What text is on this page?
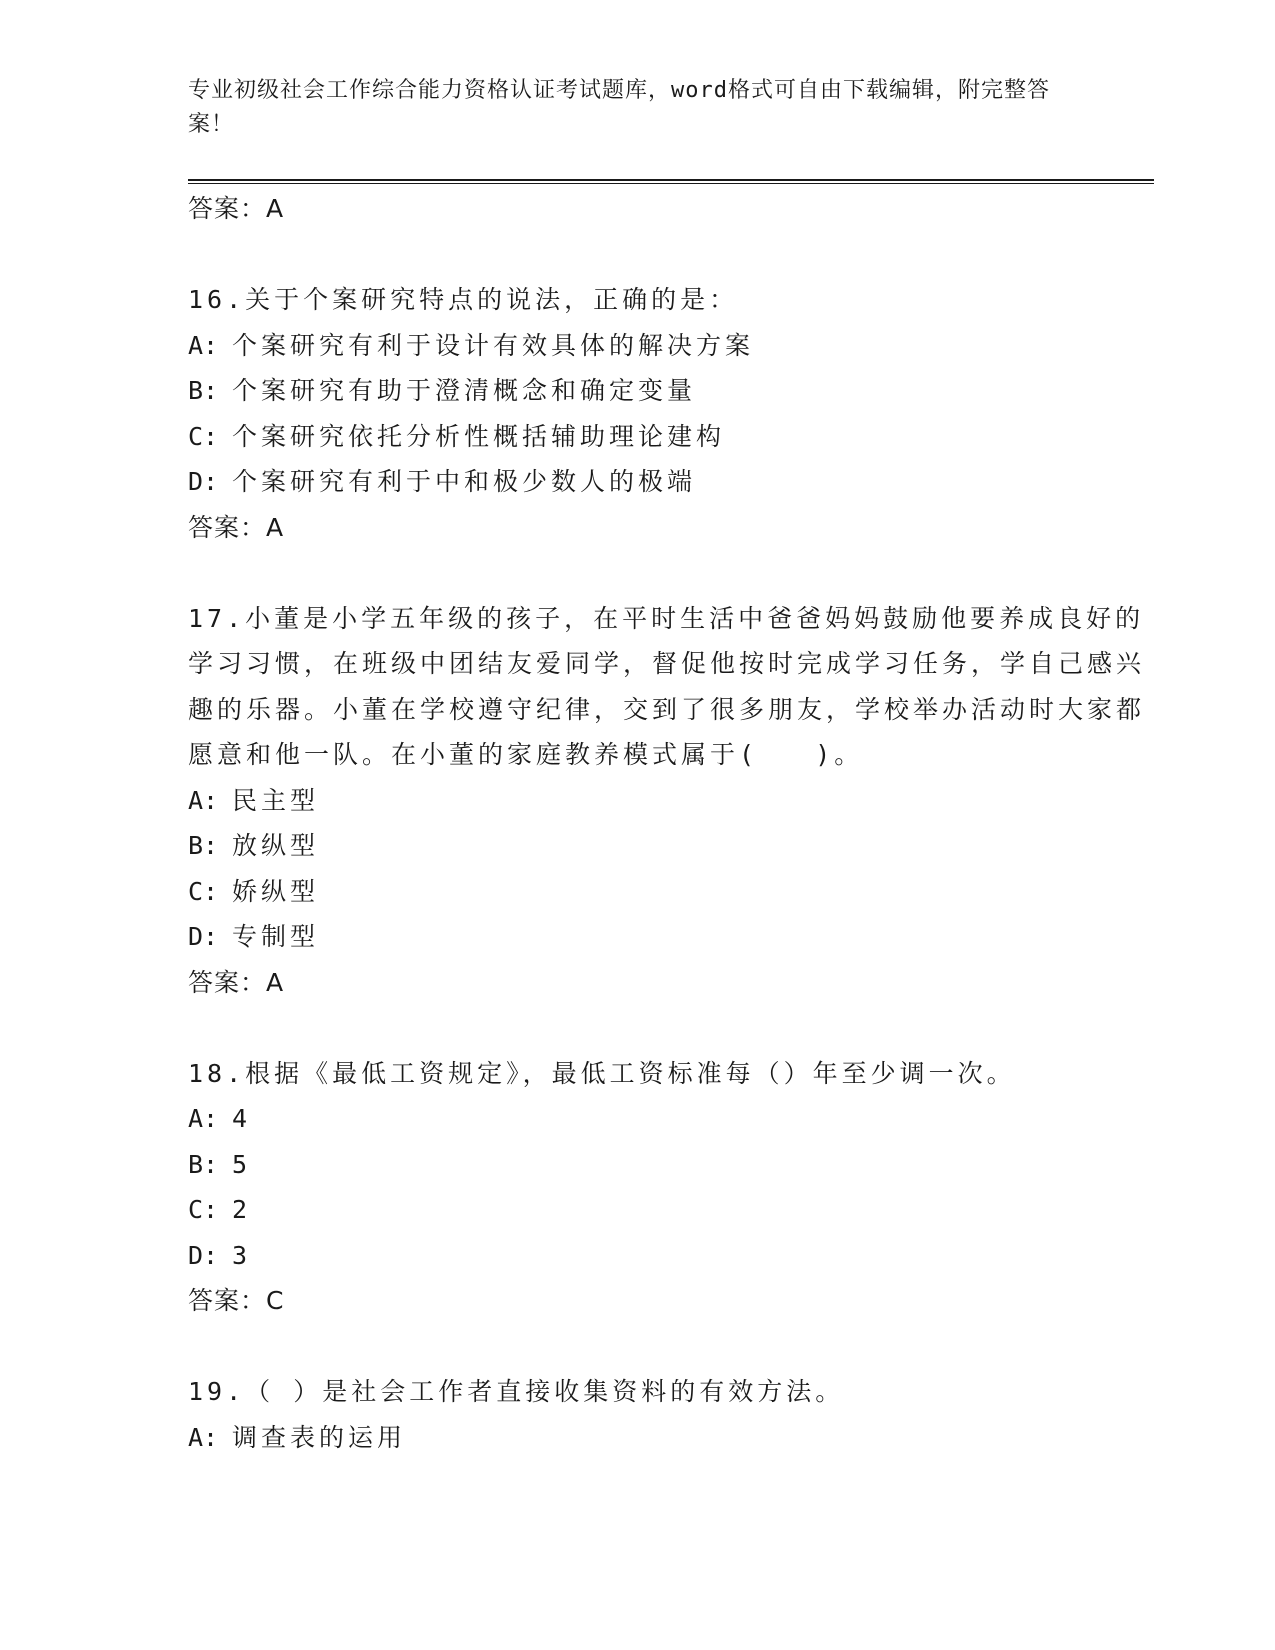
专业初级社会工作综合能力资格认证考试题库，word格式可自由下载编辑，附完整答案！
答案：A
16.关于个案研究特点的说法，正确的是：
A: 个案研究有利于设计有效具体的解决方案
B: 个案研究有助于澄清概念和确定变量
C: 个案研究依托分析性概括辅助理论建构
D: 个案研究有利于中和极少数人的极端
答案：A
17.小董是小学五年级的孩子，在平时生活中爸爸妈妈鼓励他要养成良好的学习习惯，在班级中团结友爱同学，督促他按时完成学习任务，学自己感兴趣的乐器。小董在学校遵守纪律，交到了很多朋友，学校举办活动时大家都愿意和他一队。在小董的家庭教养模式属于(   )。
A: 民主型
B: 放纵型
C: 娇纵型
D: 专制型
答案：A
18.根据《最低工资规定》，最低工资标准每（）年至少调一次。
A: 4
B: 5
C: 2
D: 3
答案：C
19.（ ）是社会工作者直接收集资料的有效方法。
A: 调查表的运用
